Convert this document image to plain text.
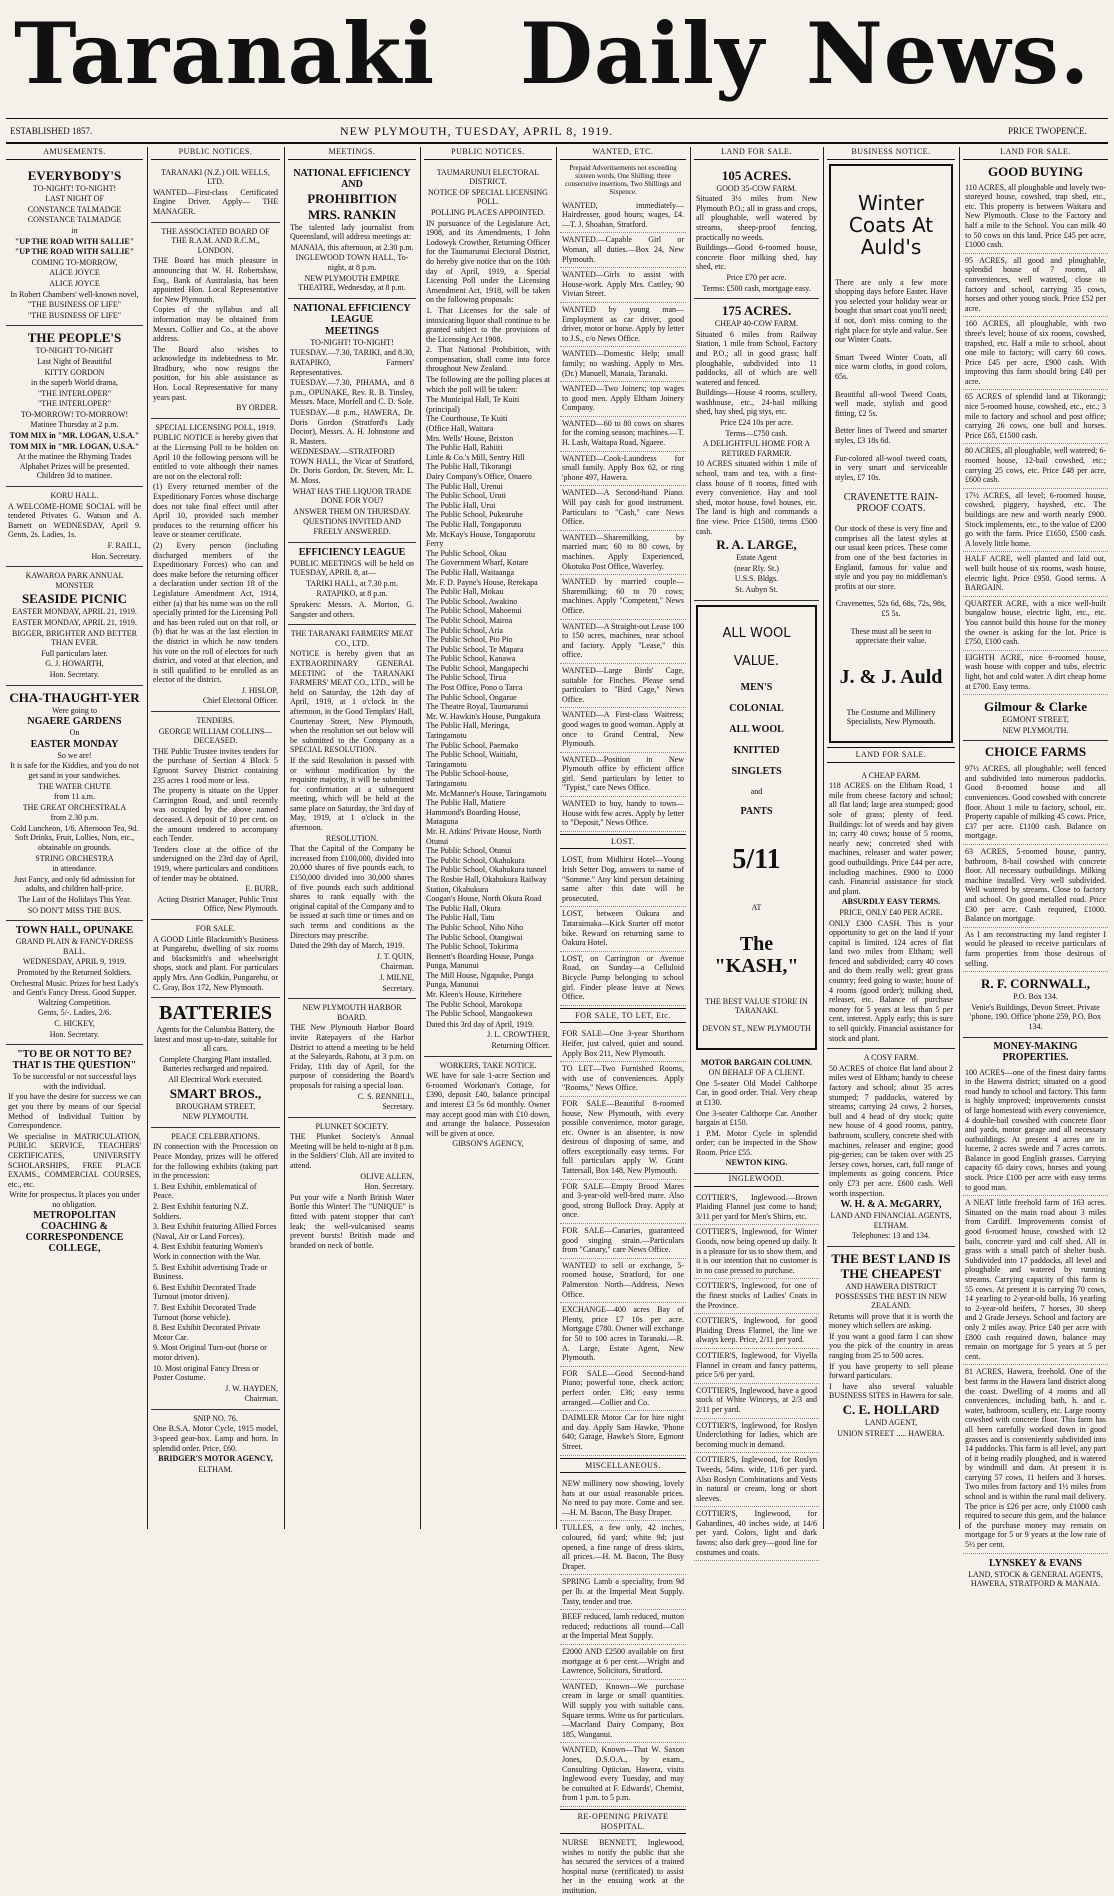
Taranaki Daily News.
ESTABLISHED 1857.	NEW PLYMOUTH, TUESDAY, APRIL 8, 1919.	PRICE TWOPENCE.
AMUSEMENTS.

EVERYBODY'S

TO-NIGHT! TO-NIGHT!

LAST NIGHT OF

CONSTANCE TALMADGE

CONSTANCE TALMADGE

in

"UP THE ROAD WITH SALLIE"

"UP THE ROAD WITH SALLIE"

COMING TO-MORROW,

ALICE JOYCE

ALICE JOYCE

In Robert Chambers' well-known novel,

"THE BUSINESS OF LIFE"

"THE BUSINESS OF LIFE"

THE PEOPLE'S

TO-NIGHT TO-NIGHT

Last Night of Beautiful

KITTY GORDON

in the superb World drama,

"THE INTERLOPER"

"THE INTERLOPER"

TO-MORROW! TO-MORROW!

Matinee Thursday at 2 p.m.

TOM MIX in "MR. LOGAN, U.S.A."

TOM MIX in "MR. LOGAN, U.S.A."

At the matinee the Rhyming Trades Alphabet Prizes will be presented. Children 3d to matinee.

KORU HALL.

A WELCOME-HOME SOCIAL will be tendered Privates G. Watson and A. Barnett on WEDNESDAY, April 9. Gents, 2s. Ladies, 1s.

F. RAILL,

Hon. Secretary.

KAWAROA PARK ANNUAL MONSTER

SEASIDE PICNIC

EASTER MONDAY, APRIL 21, 1919.

EASTER MONDAY, APRIL 21, 1919.

BIGGER, BRIGHTER AND BETTER THAN EVER.

Full particulars later.

G. J. HOWARTH,

Hon. Secretary.

CHA-THAUGHT-YER

Were going to

NGAERE GARDENS

On

EASTER MONDAY

So we are!

It is safe for the Kiddies, and you do not get sand in your sandwiches.

THE WATER CHUTE

from 11 a.m.

THE GREAT ORCHESTRALA

from 2.30 p.m.

Cold Luncheon, 1/6. Afternoon Tea, 9d. Soft Drinks, Fruit, Lollies, Nuts, etc., obtainable on grounds.

STRING ORCHESTRA

in attendance.

Just Fancy, and only 6d admission for adults, and children half-price.

The Last of the Holidays This Year.

SO DON'T MISS THE BUS.

TOWN HALL, OPUNAKE

GRAND PLAIN & FANCY-DRESS BALL.

WEDNESDAY, APRIL 9, 1919.

Promoted by the Returned Soldiers.

Orchestral Music. Prizes for best Lady's and Gent's Fancy Dress. Good Supper. Waltzing Competition.

Gents, 5/-. Ladies, 2/6.

C. HICKEY,

Hon. Secretary.

"TO BE OR NOT TO BE? THAT IS THE QUESTION"

To be successful or not successful lays with the individual.

If you have the desire for success we can get you there by means of our Special Method of Individual Tuition by Correspondence.

We specialise in MATRICULATION, PUBLIC SERVICE, TEACHERS' CERTIFICATES, UNIVERSITY SCHOLARSHIPS, FREE PLACE EXAMS., COMMERCIAL COURSES, etc., etc.

Write for prospectus. It places you under no obligation.

METROPOLITAN COACHING & CORRESPONDENCE COLLEGE,

PUBLIC NOTICES.

TARANAKI (N.Z.) OIL WELLS, LTD.

WANTED—First-class Certificated Engine Driver. Apply— THE MANAGER.

THE ASSOCIATED BOARD OF THE R.A.M. AND R.C.M., LONDON.

THE Board has much pleasure in announcing that W. H. Robertshaw, Esq., Bank of Australasia, has been appointed Hon. Local Representative for New Plymouth.

Copies of the syllabus and all information may be obtained from Messrs. Collier and Co., at the above address.

The Board also wishes to acknowledge its indebtedness to Mr. Bradbury, who now resigns the position, for his able assistance as Hon. Local Representative for many years past.

BY ORDER.

SPECIAL LICENSING POLL, 1919.

PUBLIC NOTICE is hereby given that at the Licensing Poll to be holden on April 10 the following persons will be entitled to vote although their names are not on the electoral roll:

(1) Every returned member of the Expeditionary Forces whose discharge does not take final effect until after April 10, provided such member produces to the returning officer his leave or steamer certificate.

(2) Every person (including discharged members of the Expeditionary Forces) who can and does make before the returning officer a declaration under section 18 of the Legislature Amendment Act, 1914, either (a) that his name was on the roll specially printed for the Licensing Poll and has been ruled out on that roll, or (b) that he was at the last election in the district in which he now tenders his vote on the roll of electors for such district, and voted at that election, and is still qualified to be enrolled as an elector of the district.

J. HISLOP,

Chief Electoral Officer.

TENDERS.

GEORGE WILLIAM COLLINS—DECEASED.

THE Public Trustee invites tenders for the purchase of Section 4 Block 5 Egmont Survey District containing 235 acres 1 rood more or less.

The property is situate on the Upper Carrington Road, and until recently was occupied by the above named deceased. A deposit of 10 per cent. on the amount tendered to accompany each Tender.

Tenders close at the office of the undersigned on the 23rd day of April, 1919, where particulars and conditions of tender may be obtained.

E. BURR,

Acting District Manager, Public Trust Office, New Plymouth.

FOR SALE.

A GOOD Little Blacksmith's Business at Pungarehu, dwelling of six rooms and blacksmith's and wheelwright shops, stock and plant. For particulars apply Mrs. Ann Godkin, Pungarehu, or C. Gray, Box 172, New Plymouth.

BATTERIES

Agents for the Columbia Battery, the latest and most up-to-date, suitable for all cars.

Complete Charging Plant installed. Batteries recharged and repaired.

All Electrical Work executed.

SMART BROS.,

BROUGHAM STREET,

NEW PLYMOUTH.

PEACE CELEBRATIONS.

IN connection with the Procession on Peace Monday, prizes will be offered for the following exhibits (taking part in the procession:

1. Best Exhibit, emblematical of Peace.

2. Best Exhibit featuring N.Z. Soldiers.

3. Best Exhibit featuring Allied Forces (Naval, Air or Land Forces).

4. Best Exhibit featuring Women's Work in connection with the War.

5. Best Exhibit advertising Trade or Business.

6. Best Exhibit Decorated Trade Turnout (motor driven).

7. Best Exhibit Decorated Trade Turnout (horse vehicle).

8. Best Exhibit Decorated Private Motor Car.

9. Most Original Turn-out (horse or motor driven).

10. Most original Fancy Dress or Poster Costume.

J. W. HAYDEN,

Chairman.

SNIP NO. 76.

One B.S.A. Motor Cycle, 1915 model, 3-speed gear-box. Lamp and horn. In splendid order. Price, £60.

BRIDGER'S MOTOR AGENCY,

ELTHAM.

MEETINGS.

NATIONAL EFFICIENCY AND

PROHIBITION

MRS. RANKIN

The talented lady journalist from Queensland, will address meetings at:

MANAIA, this afternoon, at 2.30 p.m.

INGLEWOOD TOWN HALL, To-night, at 8 p.m.

NEW PLYMOUTH EMPIRE THEATRE, Wednesday, at 8 p.m.

NATIONAL EFFICIENCY LEAGUE

MEETINGS

TO-NIGHT! TO-NIGHT!

TUESDAY.—7.30, TARIKI, and 8.30, RATAPIKO, Farmers' Representatives.

TUESDAY.—7.30, PIHAMA, and 8 p.m., OPUNAKE, Rev. R. B. Tinsley, Messrs. Mace, Morfell and C. D. Sole.

TUESDAY.—8 p.m., HAWERA, Dr. Doris Gordon (Stratford's Lady Doctor), Messrs. A. H. Johnstone and R. Masters.

WEDNESDAY.—STRATFORD TOWN HALL, the Vicar of Stratford, Dr. Doris Gordon, Dr. Steven, Mr. L. M. Moss.

WHAT HAS THE LIQUOR TRADE DONE FOR YOU?

ANSWER THEM ON THURSDAY.

QUESTIONS INVITED AND FREELY ANSWERED.

EFFICIENCY LEAGUE

PUBLIC MEETINGS will be held on TUESDAY, APRIL 8, at—

TARIKI HALL, at 7.30 p.m.

RATAPIKO, at 8 p.m.

Speakers: Messrs. A. Morton, G. Sangster and others.

THE TARANAKI FARMERS' MEAT CO., LTD.

NOTICE is hereby given that an EXTRAORDINARY GENERAL MEETING of the TARANAKI FARMERS' MEAT CO., LTD., will be held on Saturday, the 12th day of April, 1919, at 1 o'clock in the afternoon, in the Good Templars' Hall, Courtenay Street, New Plymouth, when the resolution set out below will be submitted to the Company as a SPECIAL RESOLUTION.

If the said Resolution is passed with or without modification by the requisite majority, it will be submitted for confirmation at a subsequent meeting, which will be held at the same place on Saturday, the 3rd day of May, 1919, at 1 o'clock in the afternoon.

RESOLUTION.

That the Capital of the Company be increased from £100,000, divided into 20,000 shares of five pounds each, to £150,000 divided into 30,000 shares of five pounds each such additional shares to rank equally with the original capital of the Company and to be issued at such time or times and on such terms and conditions as the Directors may prescribe.

Dated the 29th day of March, 1919.

J. T. QUIN,

Chairman.

J. MILNE,

Secretary.

NEW PLYMOUTH HARBOR BOARD.

THE New Plymouth Harbor Board invite Ratepayers of the Harbor District to attend a meeting to be held at the Saleyards, Rahotu, at 3 p.m. on Friday, 11th day of April, for the purpose of considering the Board's proposals for raising a special loan.

C. S. RENNELL,

Secretary.

PLUNKET SOCIETY.

THE Plunket Society's Annual Meeting will be held to-night at 8 p.m. in the Soldiers' Club. All are invited to attend.

OLIVE ALLEN,

Hon. Secretary.

Put your wife a North British Water Bottle this Winter! The "UNIQUE" is fitted with patent stopper that can't leak; the well-vulcanised seams prevent bursts! British made and branded on neck of bottle.

PUBLIC NOTICES.

TAUMARUNUI ELECTORAL DISTRICT.

NOTICE OF SPECIAL LICENSING POLL.

POLLING PLACES APPOINTED.

IN pursuance of the Legislature Act, 1908, and its Amendments, I John Lodowyk Crowther, Returning Officer for the Taumarunui Electoral District, do hereby give notice that on the 10th day of April, 1919, a Special Licensing Poll under the Licensing Amendment Act, 1918, will be taken on the following proposals:

1. That Licenses for the sale of intoxicating liquor shall continue to be granted subject to the provisions of the Licensing Act 1908.

2. That National Prohibition, with compensation, shall come into force throughout New Zealand.

The following are the polling places at which the poll will be taken:

The Municipal Hall, Te Kuiti (principal)

The Courthouse, Te Kuiti

(Office Hall, Waitara

Mrs. Wells' House, Brixton

The Public Hall, Rahiiti

Little & Co.'s Mill, Sentry Hill

The Public Hall, Tikorangi

Dairy Company's Office, Onaero

The Public Hall, Urenui

The Public School, Uruti

The Public Hall, Urui

The Public School, Pukearuhe

The Public Hall, Tongaporutu

Mr. McKay's House, Tongaporutu Ferry

The Public School, Okau

The Government Wharf, Kotare

The Public Hall, Waitaanga

Mr. F. D. Payne's House, Rerekapa

The Public Hall, Mokau

The Public School, Awakino

The Public School, Mahoenui

The Public School, Mairoa

The Public School, Aria

The Public School, Pio Pio

The Public School, Te Mapara

The Public School, Kanawa

The Public School, Mangapechi

The Public School, Tirua

The Post Office, Pono o Tarca

The Public School, Ongarue

The Theatre Royal, Taumarunui

Mr. W. Hawkin's House, Pungakura

The Public Hall, Meringa, Taringamotu

The Public School, Paemako

The Public School, Waitiaht, Taringamotu

The Public School-house, Taringamotu

Mr. McManner's House, Taringamotu

The Public Hall, Matiere

Hammond's Boarding House, Mataguna

Mr. H. Atkins' Private House, North Otunui

The Public School, Otunui

The Public School, Okahukura

The Public School, Okahukura tunnel

The Rosbie Hall, Okahukura Railway Station, Okahukura

Coogan's House, North Okura Road

The Public Hall, Okura

The Public Hall, Tatu

The Public School, Niho Niho

The Public School, Otangiwai

The Public School, Tokirima

Bennett's Boarding House, Punga Punga, Manunui

The Mill House, Ngapuke, Punga Punga, Manunui

Mr. Kleen's House, Kiritehere

The Public School, Marokopa

The Public School, Mangaokewa

Dated this 3rd day of April, 1919.

J. L. CROWTHER,

Returning Officer.

WORKERS, TAKE NOTICE.

WE have for sale 1-acre Section and 6-roomed Workman's Cottage, for £390, deposit £40, balance principal and interest £3 5s 6d monthly. Owner may accept good man with £10 down, and arrange the balance. Possession will be given at once.

GIBSON'S AGENCY,

WANTED, ETC.

Prepaid Advertisements not exceeding sixteen words, One Shilling; three consecutive insertions, Two Shillings and Sixpence.

WANTED, immediately—Hairdresser, good hours; wages, £4.—T. J. Shoaban, Stratford.

WANTED.—Capable Girl or Woman, all duties.—Box 24, New Plymouth.

WANTED—Girls to assist with House-work. Apply Mrs. Cattley, 90 Vivian Street.

WANTED by young man—Employment as car driver, good driver, motor or horse. Apply by letter to J.S., c/o News Office.

WANTED—Domestic Help; small family; no washing. Apply to Mrs. (Dr.) Manuell, Manaia, Taranaki.

WANTED—Two Joiners; top wages to good men. Apply Eltham Joinery Company.

WANTED—60 to 80 cows on shares for the coming season; machines.—T. H. Lash, Waitapa Road, Ngaere.

WANTED—Cook-Laundress for small family. Apply Box 62, or ring 'phone 497, Hawera.

WANTED—A Second-hand Piano. Will pay cash for good instrument. Particulars to "Cash," care News Office.

WANTED—Sharemilking, by married man; 60 to 80 cows, by machines. Apply Experienced, Okotuku Post Office, Waverley.

WANTED by married couple—Sharemilking; 60 to 70 cows; machines. Apply "Competent," News Office.

WANTED—A Straight-out Lease 100 to 150 acres, machines, near school and factory. Apply "Lease," this office.

WANTED—Large Birds' Cage, suitable for Finches. Please send particulars to "Bird Cage," News Office.

WANTED—A First-class Waitress; good wages to good woman. Apply at once to Grand Central, New Plymouth.

WANTED—Position in New Plymouth office by efficient office girl. Send particulars by letter to "Typist," care News Office.

WANTED to buy, handy to town—House with few acres. Apply by letter to "Deposit," News Office.

LOST.

LOST, from Midhirst Hotel—Young Irish Setter Dog, answers to name of "Somme." Any kind person detaining same after this date will be prosecuted.

LOST, between Oakura and Tataraimaka—Kick Starter off motor bike. Reward on returning same to Oakura Hotel.

LOST, on Carrington or Avenue Road, on Sunday—a Celluloid Bicycle Pump belonging to school girl. Finder please leave at News Office.

FOR SALE, TO LET, Etc.

FOR SALE—One 3-year Shorthorn Heifer, just calved, quiet and sound. Apply Box 211, New Plymouth.

TO LET—Two Furnished Rooms, with use of conveniences. Apply "Rooms," News Office.

FOR SALE—Beautiful 8-roomed house, New Plymouth, with every possible convenience, motor garage, etc. Owner is an absentee, is now desirous of disposing of same, and offers exceptionally easy terms. For full particulars apply W. Grant Tattersall, Box 148, New Plymouth.

FOR SALE—Empty Brood Mares and 3-year-old well-bred mare. Also good, strong Bullock Dray. Apply at once.

FOR SALE—Canaries, guaranteed good singing strain.—Particulars from "Canary," care News Office.

WANTED to sell or exchange, 5-roomed house, Stratford, for one Palmerston North—Address, News Office.

EXCHANGE—400 acres Bay of Plenty, price £7 10s per acre. Mortgage £780. Owner will exchange for 50 to 100 acres in Taranaki.—R. A. Large, Estate Agent, New Plymouth.

FOR SALE—Good Second-hand Piano; powerful tone, check action; perfect order. £36; easy terms arranged.—Collier and Co.

DAIMLER Motor Car for hire night and day. Apply Sam Hawke, 'Phone 640; Garage, Hawke's Store, Egmont Street.

MISCELLANEOUS.

NEW millinery now showing, lovely hats at our usual reasonable prices. No need to pay more. Come and see.—H. M. Bacon, The Busy Draper.

TULLES, a few only, 42 inches, coloured, 6d yard; white 9d; just opened, a fine range of dress skirts, all prices.—H. M. Bacon, The Busy Draper.

SPRING Lamb a speciality, from 9d per lb. at the Imperial Meat Supply. Tasty, tender and true.

BEEF reduced, lamb reduced, mutton reduced; reductions all round—Call at the Imperial Meat Supply.

£2000 AND £2500 available on first mortgage at 6 per cent.—Wright and Lawrence, Solicitors, Stratford.

WANTED, Known—We purchase cream in large or small quantities. Will supply you with suitable cans. Square terms. Write us for particulars.—Macrland Dairy Company, Box 185, Wanganui.

WANTED, Known—That W. Saxon Jones, D.S.O.A., by exam., Consulting Optician, Hawera, visits Inglewood every Tuesday, and may be consulted at F. Edwards', Chemist, from 1 p.m. to 5 p.m.

RE-OPENING PRIVATE HOSPITAL.

NURSE BENNETT, Inglewood, wishes to notify the public that she has secured the services of a trained hospital nurse (certificated) to assist her in the ensuing work at the institution.

LAND FOR SALE.

105 ACRES.

GOOD 35-COW FARM.

Situated 3½ miles from New Plymouth P.O.; all in grass and crops, all ploughable, well watered by streams, sheep-proof fencing, practically no weeds.

Buildings—Good 6-roomed house, concrete floor milking shed, hay shed, etc.

Price £70 per acre.

Terms: £500 cash, mortgage easy.

175 ACRES.

CHEAP 40-COW FARM.

Situated 6 miles from Railway Station, 1 mile from School, Factory and P.O.; all in good grass; half ploughable, subdivided into 11 paddocks, all of which are well watered and fenced.

Buildings—House 4 rooms, scullery, washhouse, etc., 24-bail milking shed, hay shed, pig stys, etc.

Price £24 10s per acre.

Terms—£750 cash.

A DELIGHTFUL HOME FOR A RETIRED FARMER.

10 ACRES situated within 1 mile of school, tram and tea, with a first-class house of 8 rooms, fitted with every convenience. Hay and tool shed, motor house, fowl houses, etc. The land is high and commands a fine view. Price £1500, terms £500 cash.

R. A. LARGE,

Estate Agent

(near Rly. St.)

U.S.S. Bldgs.

St. Aubyn St.

ALL WOOL

VALUE.

MEN'S

COLONIAL

ALL WOOL

KNITTED

SINGLETS

and

PANTS

5/11

AT

The "KASH,"

THE BEST VALUE STORE IN TARANAKI.

DEVON ST., NEW PLYMOUTH

MOTOR BARGAIN COLUMN.

ON BEHALF OF A CLIENT.

One 5-seater Old Model Calthorpe Car, in good order. Trial. Very cheap at £130.

One 3-seater Calthorpe Car. Another bargain at £150.

1 P.M. Motor Cycle in splendid order; can be inspected in the Show Room. Price £55.

NEWTON KING.

INGLEWOOD.

COTTIER'S, Inglewood.—Brown Plaiding Flannel just come to hand; 3/11 per yard for Men's Shirts, etc.

COTTIER'S, Inglewood, for Winter Goods, now being opened up daily. It is a pleasure for us to show them, and it is our intention that no customer is in no case pressed to purchase.

COTTIER'S, Inglewood, for one of the finest stocks of Ladies' Coats in the Province.

COTTIER'S, Inglewood, for good Plaiding Dress Flannel, the line we always keep. Price, 2/11 per yard.

COTTIER'S, Inglewood, for Viyella Flannel in cream and fancy patterns, price 5/6 per yard.

COTTIER'S, Inglewood, have a good stock of White Winceys, at 2/3 and 2/11 per yard.

COTTIER'S, Inglewood, for Roslyn Underclothing for ladies, which are becoming much in demand.

COTTIER'S, Inglewood, for Roslyn Tweeds, 54ins. wide, 11/6 per yard. Also Roslyn Combinations and Vests in natural or cream, long or short sleeves.

COTTIER'S, Inglewood, for Gabardines, 40 inches wide, at 14/6 per yard. Colors, light and dark fawns; also dark grey—good line for costumes and coats.

BUSINESS NOTICE.

Winter Coats At Auld's

There are only a few more shopping days before Easter. Have you selected your holiday wear or bought that smart coat you'll need; if not, don't miss coming to the right place for style and value. See our Winter Coats.

Smart Tweed Winter Coats, all nice warm cloths, in good colors, 65s.

Beautiful all-wool Tweed Coats, well made, stylish and good fitting, £2 5s.

Better lines of Tweed and smarter styles, £3 18s 6d.

Fur-colored all-wool tweed coats, in very smart and serviceable styles, £7 10s.

CRAVENETTE RAIN-PROOF COATS.

Our stock of these is very fine and comprises all the latest styles at our usual keen prices. These come from one of the best factories in England, famous for value and style and you pay no middleman's profits at our store.

Cravenettes, 52s 6d, 68s, 72s, 98s, £5 5s.

These must all be seen to appreciate their value.

J. & J. Auld

The Costume and Millinery Specialists, New Plymouth.

LAND FOR SALE.

A CHEAP FARM.

118 ACRES on the Eltham Road, 1 mile from cheese factory and school; all flat land; large area stumped; good sole of grass; plenty of feed. Buildings: lot of weeds and hay given in; carry 40 cows; house of 5 rooms, nearly new; concreted shed with machines, releaser and water power; good outbuildings. Price £44 per acre, including machines. £900 to £000 cash. Financial assistance for stock and plant.

ABSURDLY EASY TERMS.

PRICE, ONLY £40 PER ACRE.

ONLY £300 CASH. This is your opportunity to get on the land if your capital is limited. 124 acres of flat land two miles from Eltham; well fenced and subdivided; carry 40 cows and do them really well; great grass country; feed going to waste; house of 4 rooms (good order); milking shed, releaser, etc. Balance of purchase money for 5 years at less than 5 per cent. interest. Apply early; this is sure to sell quickly. Financial assistance for stock and plant.

A COSY FARM.

50 ACRES of choice flat land about 2 miles west of Eltham; handy to cheese factory and school; about 35 acres stumped; 7 paddocks, watered by streams; carrying 24 cows, 2 horses, bull and 4 head of dry stock; quite new house of 4 good rooms, pantry, bathroom, scullery, concrete shed with machines, releaser and engine; good pig-geries; can be taken over with 25 Jersey cows, horses, cart, full range of implements as going concern. Price only £73 per acre. £600 cash. Well worth inspection.

W. H. & A. McGARRY,

LAND AND FINANCIAL AGENTS, ELTHAM.

Telephones: 13 and 134.

THE BEST LAND IS THE CHEAPEST

AND HAWERA DISTRICT POSSESSES THE BEST IN NEW ZEALAND.

Returns will prove that it is worth the money which sellers are asking.

If you want a good farm I can show you the pick of the country in areas ranging from 25 to 500 acres.

If you have property to sell please forward particulars.

I have also several valuable BUSINESS SITES in Hawera for sale.

C. E. HOLLARD

LAND AGENT,

UNION STREET ..... HAWERA.

LAND FOR SALE.

GOOD BUYING

110 ACRES, all ploughable and lovely two-storeyed house, cowshed, trap shed, etc., etc. This property is between Waitara and New Plymouth. Close to the Factory and half a mile to the School. You can milk 40 to 50 cows on this land. Price £45 per acre, £1000 cash.

95 ACRES, all good and ploughable, splendid house of 7 rooms, all conveniences, well watered, close to factory and school, carrying 35 cows, horses and other young stock. Price £52 per acre.

160 ACRES, all ploughable, with two three's level; house of six rooms, cowshed, trapshed, etc. Half a mile to school, about one mile to factory; will carry 60 cows. Price £45 per acre, £900 cash. With improving this farm should bring £40 per acre.

65 ACRES of splendid land at Tikorangi; nice 5-roomed house, cowshed, etc., etc.; 3 mile to factory and school and post office; carrying 26 cows, one bull and horses. Price £65, £1500 cash.

80 ACRES, all ploughable, well watered; 6-roomed house, 12-bail cowshed, etc.; carrying 25 cows, etc. Price £48 per acre, £600 cash.

17½ ACRES, all level; 6-roomed house, cowshed, piggery, hayshed, etc. The buildings are new and worth nearly £900. Stock implements, etc., to the value of £200 go with the farm. Price £1650, £500 cash. A lovely little home.

HALF ACRE, well planted and laid out, well built house of six rooms, wash house, electric light. Price £950. Good terms. A BARGAIN.

QUARTER ACRE, with a nice well-built bungalow house, electric light, etc., etc. You cannot build this house for the money the owner is asking for the lot. Price is £750, £100 cash.

EIGHTH ACRE, nice 6-roomed house, wash house with copper and tubs, electric light, hot and cold water. A dirt cheap home at £700. Easy terms.

Gilmour & Clarke

EGMONT STREET,

NEW PLYMOUTH.

CHOICE FARMS

97½ ACRES, all ploughable; well fenced and subdivided into numerous paddocks. Good 8-roomed house and all conveniences. Good cowshed with concrete floor. About 1 mile to factory, school, etc. Property capable of milking 45 cows. Price, £37 per acre. £1100 cash. Balance on mortgage.

63 ACRES, 5-roomed house, pantry, bathroom, 8-bail cowshed with concrete floor. All necessary outbuildings. Milking machine installed. Very well subdivided. Well watered by streams. Close to factory and school. On good metalled road. Price £30 per acre. Cash required, £1000. Balance on mortgage.

As I am reconstructing my land register I would be pleased to receive particulars of farm properties from those desirous of selling.

R. F. CORNWALL,

P.O. Box 134.

Venie's Buildings, Devon Street. Private 'phone, 190. Office 'phone 259, P.O. Box 134.

MONEY-MAKING PROPERTIES.

100 ACRES—one of the finest dairy farms in the Hawera district; situated on a good road handy to school and factory. This farm is highly improved; improvements consist of large homestead with every convenience, 4 double-bail cowshed with concrete floor and yards, motor garage and all necessary outbuildings. At present 4 acres are in lucerne, 2 acres swede and 7 acres carrots. Balance in good English grasses. Carrying capacity 65 dairy cows, horses and young stock. Price £100 per acre with easy terms to good man.

A NEAT little freehold farm of 163 acres. Situated on the main road about 3 miles from Cardiff. Improvements consist of good 6-roomed house, cowshed with 12 bails, concrete yard and calf shed. All in grass with a small patch of shelter bush. Subdivided into 17 paddocks, all level and ploughable and watered by running streams. Carrying capacity of this farm is 55 cows. At present it is carrying 70 cows, 14 yearling to 2-year-old bulls, 16 yearling to 2-year-old heifers, 7 horses, 30 sheep and 2 Grade Jerseys. School and factory are only 2 miles away. Price £40 per acre with £800 cash required down, balance may remain on mortgage for 5 years at 5 per cent.

81 ACRES, Hawera, freehold. One of the best farms in the Hawera land district along the coast. Dwelling of 4 rooms and all conveniences, including bath, h. and c. water, bathroom, scullery, etc. Large roomy cowshed with concrete floor. This farm has all been carefully worked down in good grasses and is conveniently subdivided into 14 paddocks. This farm is all level, any part of it being readily ploughed, and is watered by windmill and dam. At present it is carrying 57 cows, 11 heifers and 3 horses. Two miles from factory and 1½ miles from school and is within the rural mail delivery. The price is £26 per acre, only £1000 cash required to secure this gem, and the balance of the purchase money may remain on mortgage for 5 or 9 years at the low rate of 5½ per cent.

LYNSKEY & EVANS

LAND, STOCK & GENERAL AGENTS, HAWERA, STRATFORD & MANAIA.
